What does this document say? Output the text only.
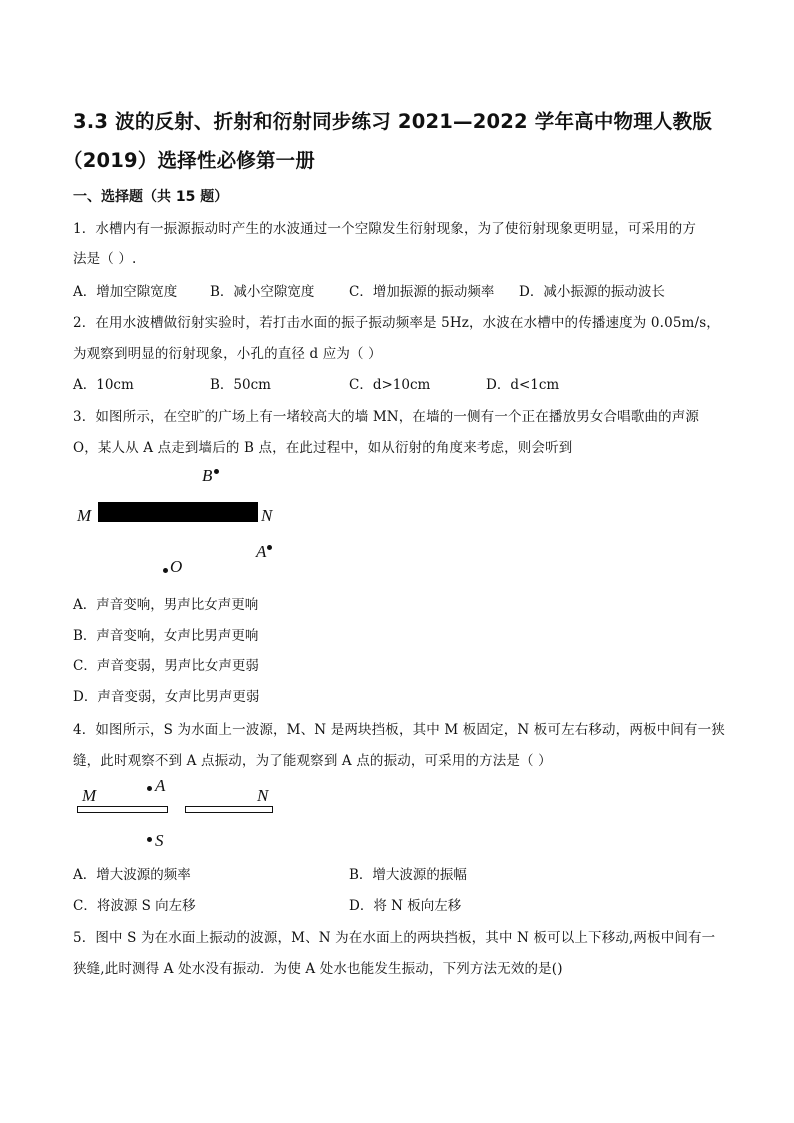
3.3 波的反射、折射和衍射同步练习 2021—2022 学年高中物理人教版
（2019）选择性必修第一册
一、选择题（共 15 题）
1．水槽内有一振源振动时产生的水波通过一个空隙发生衍射现象，为了使衍射现象更明显，可采用的方
法是（ ）.
A．增加空隙宽度 B．减小空隙宽度	C．增加振源的振动频率 D．减小振源的振动波长
2．在用水波槽做衍射实验时，若打击水面的振子振动频率是 5Hz，水波在水槽中的传播速度为 0.05m/s，
为观察到明显的衍射现象，小孔的直径 d 应为（ ）
A．10cm	B．50cm	C．d>10cm	D．d<1cm
3．如图所示，在空旷的广场上有一堵较高大的墙 MN，在墙的一侧有一个正在播放男女合唱歌曲的声源
O，某人从 A 点走到墙后的 B 点，在此过程中，如从衍射的角度来考虑，则会听到
B
M	N
A
O
A．声音变响，男声比女声更响
B．声音变响，女声比男声更响
C．声音变弱，男声比女声更弱
D．声音变弱，女声比男声更弱
4．如图所示，S 为水面上一波源，M、N 是两块挡板，其中 M 板固定，N 板可左右移动，两板中间有一狭
缝，此时观察不到 A 点振动，为了能观察到 A 点的振动，可采用的方法是（ ）
M
A
N
S
A．增大波源的频率	B．增大波源的振幅
C．将波源 S 向左移	D．将 N 板向左移
5．图中 S 为在水面上振动的波源，M、N 为在水面上的两块挡板，其中 N 板可以上下移动,两板中间有一
狭缝,此时测得 A 处水没有振动．为使 A 处水也能发生振动，下列方法无效的是()
